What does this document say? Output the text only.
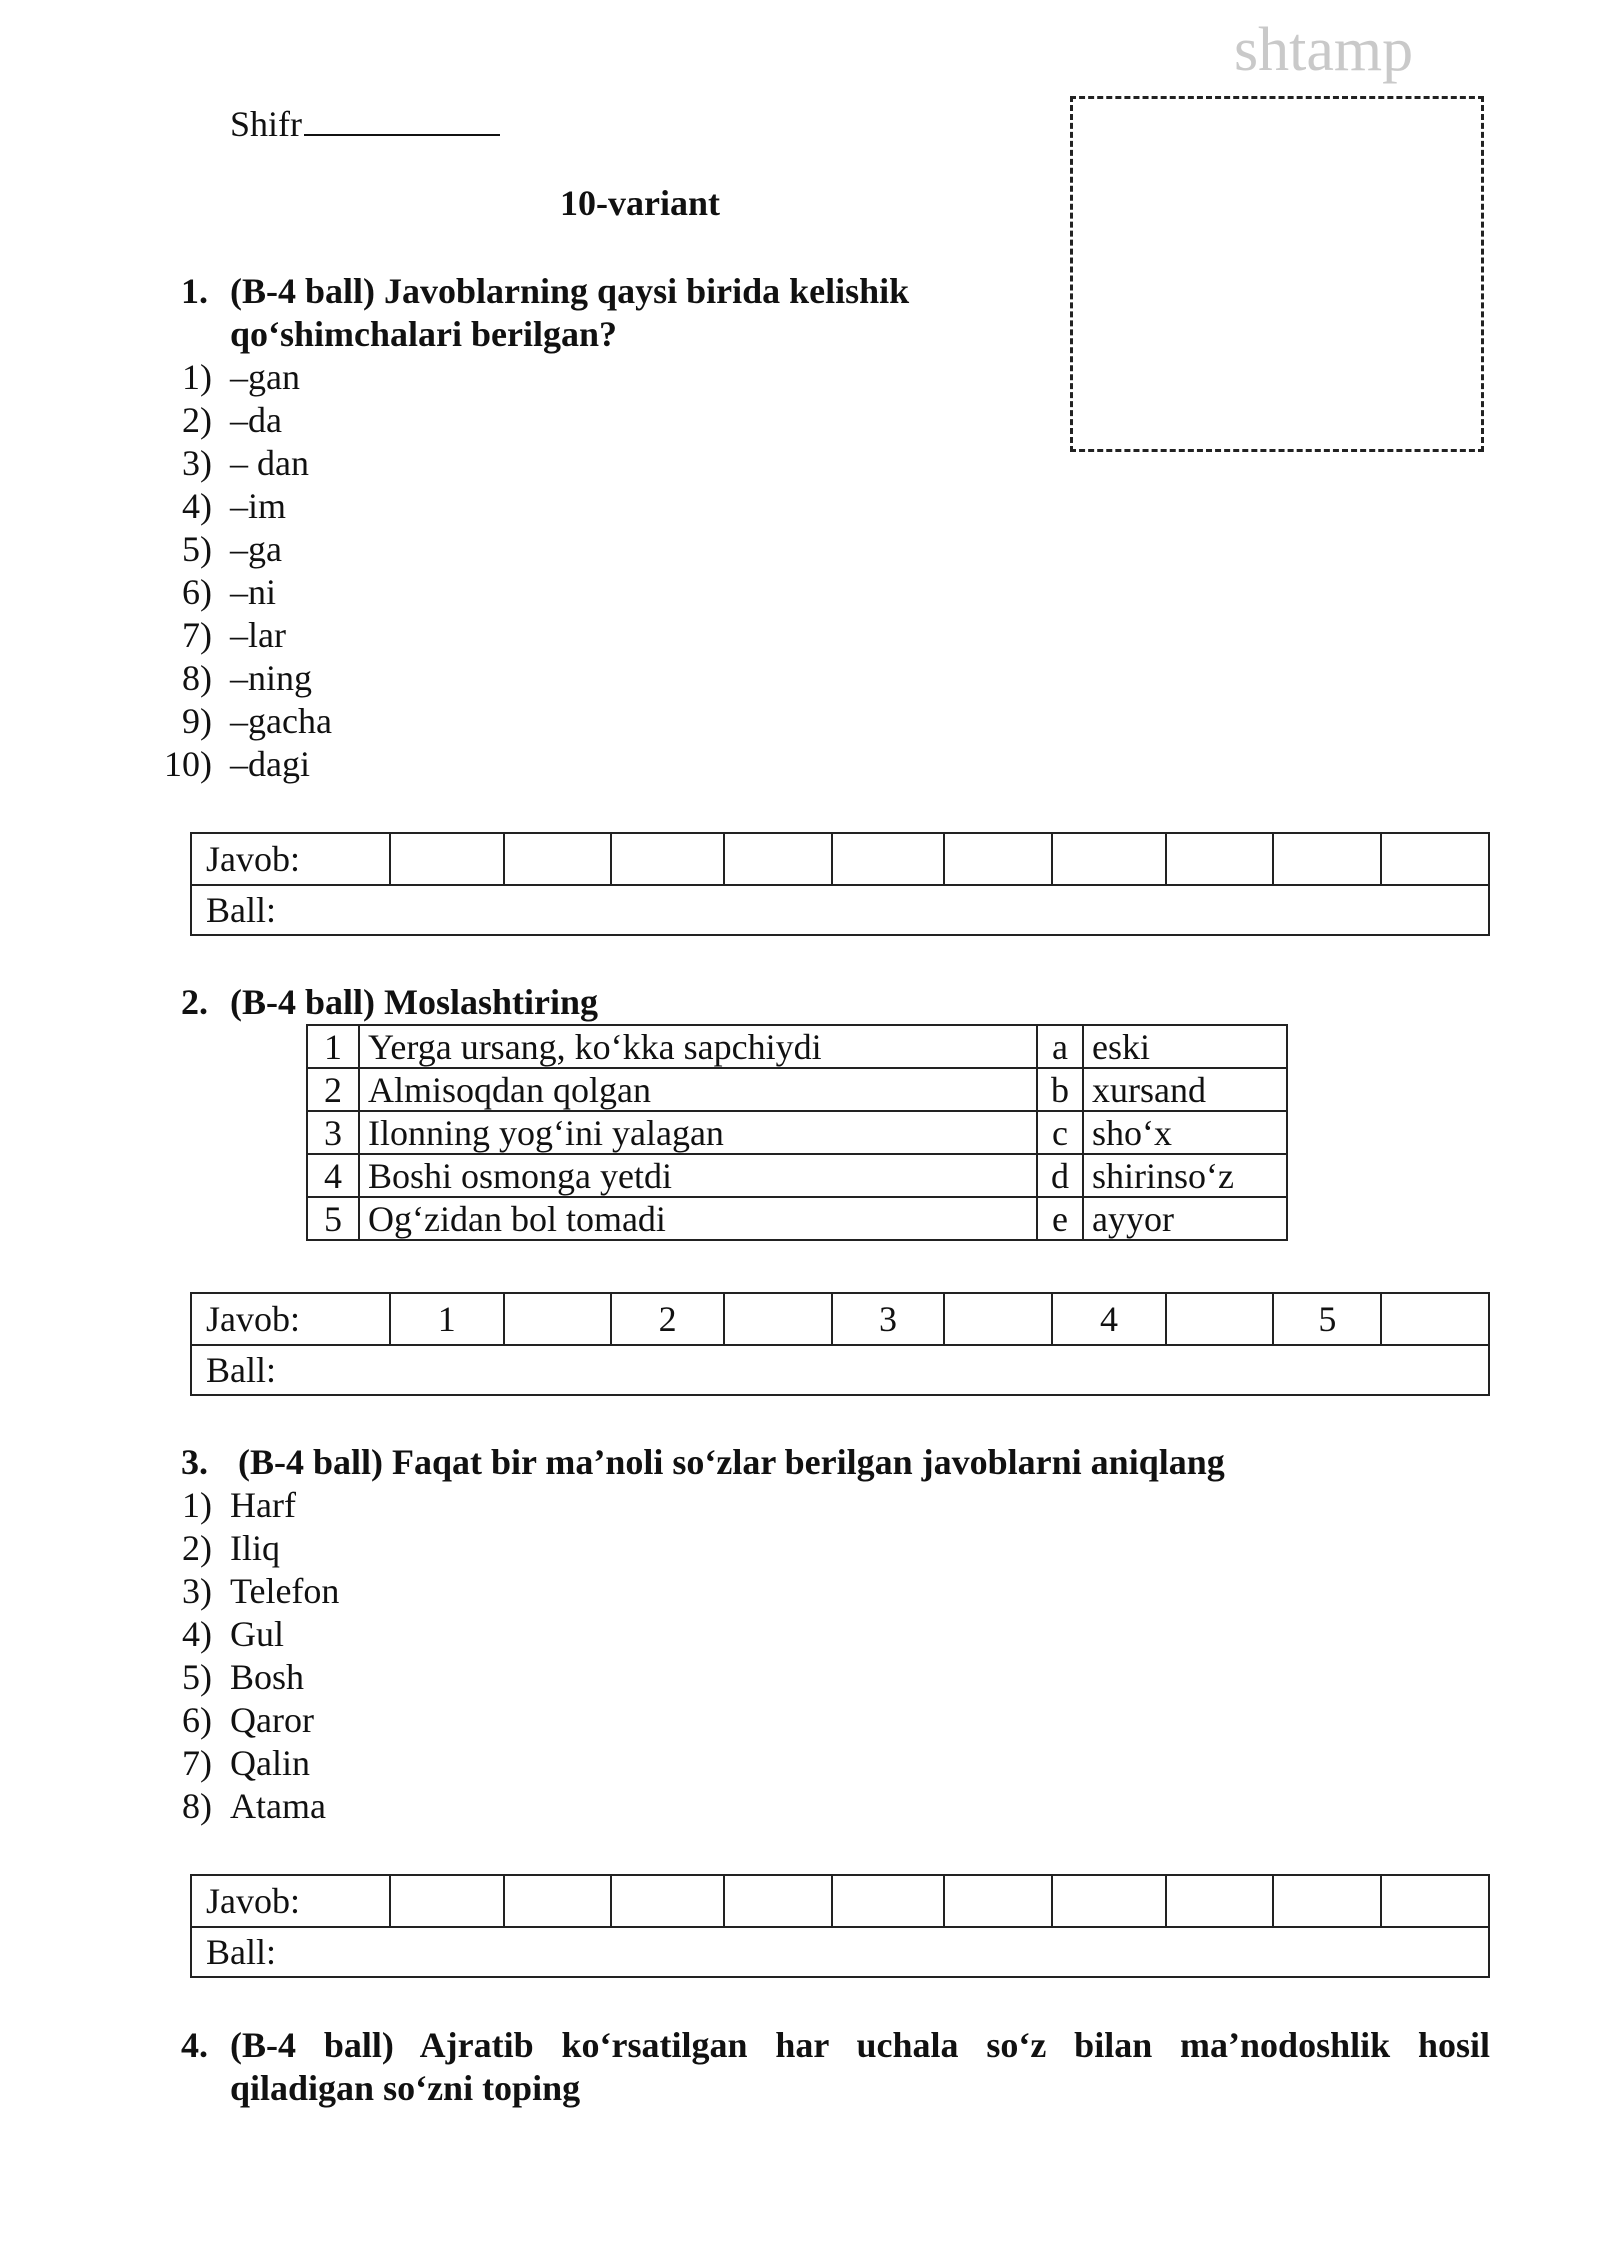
shtamp
Shifr
10-variant
1. (B-4 ball) Javoblarning qaysi birida kelishik
qo‘shimchalari berilgan?
1) –gan
2) –da
3) – dan
4) –im
5) –ga
6) –ni
7) –lar
8) –ning
9) –gacha
10) –dagi
Javob:										
Ball:
2. (B-4 ball) Moslashtiring
1	Yerga ursang, ko‘kka sapchiydi	a	eski
2	Almisoqdan qolgan	b	xursand
3	Ilonning yog‘ini yalagan	c	sho‘x
4	Boshi osmonga yetdi	d	shirinso‘z
5	Og‘zidan bol tomadi	e	ayyor
Javob:	1		2		3		4		5	
Ball:
3. (B-4 ball) Faqat bir ma’noli so‘zlar berilgan javoblarni aniqlang
1) Harf
2) Iliq
3) Telefon
4) Gul
5) Bosh
6) Qaror
7) Qalin
8) Atama
Javob:										
Ball:
4. (B-4 ball) Ajratib ko‘rsatilgan har uchala so‘z bilan ma’nodoshlik hosil
qiladigan so‘zni toping
